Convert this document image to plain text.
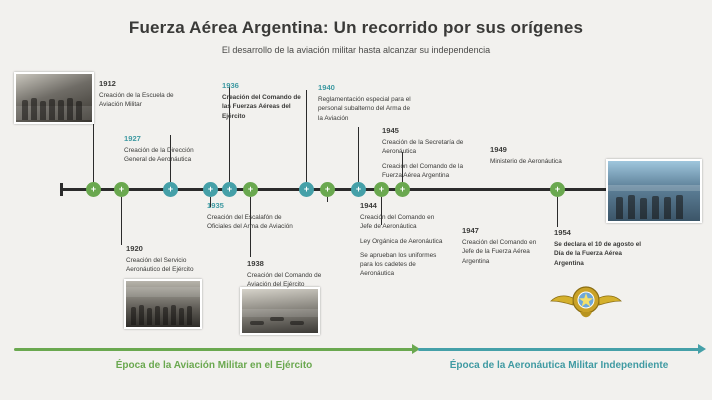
Fuerza Aérea Argentina: Un recorrido por sus orígenes
El desarrollo de la aviación militar hasta alcanzar su independencia
+	+	+	+	+	+	+	+	+	+	+	+
1912

Creación de la Escuela de Aviación Militar

1920

Creación del Servicio Aeronáutico del Ejército

1927

Creación de la Dirección General de Aeronáutica

1935

Creación del Escalafón de Oficiales del Arma de Aviación

1936

Creación del Comando de las Fuerzas Aéreas del Ejército

1938

Creación del Comando de Aviación del Ejército

1940

Reglamentación especial para el personal subalterno del Arma de la Aviación

1944

Creación del Comando en Jefe de Aeronáutica

Ley Orgánica de Aeronáutica

Se aprueban los uniformes para los cadetes de Aeronáutica

1945

Creación de la Secretaría de Aeronáutica

Creación del Comando de la Fuerza Aérea Argentina

1947

Creación del Comando en Jefe de la Fuerza Aérea Argentina

1949

Ministerio de Aeronáutica

1954

Se declara el 10 de agosto el Día de la Fuerza Aérea Argentina

Época de la Aviación Militar en el Ejército	Época de la Aeronáutica Militar Independiente
